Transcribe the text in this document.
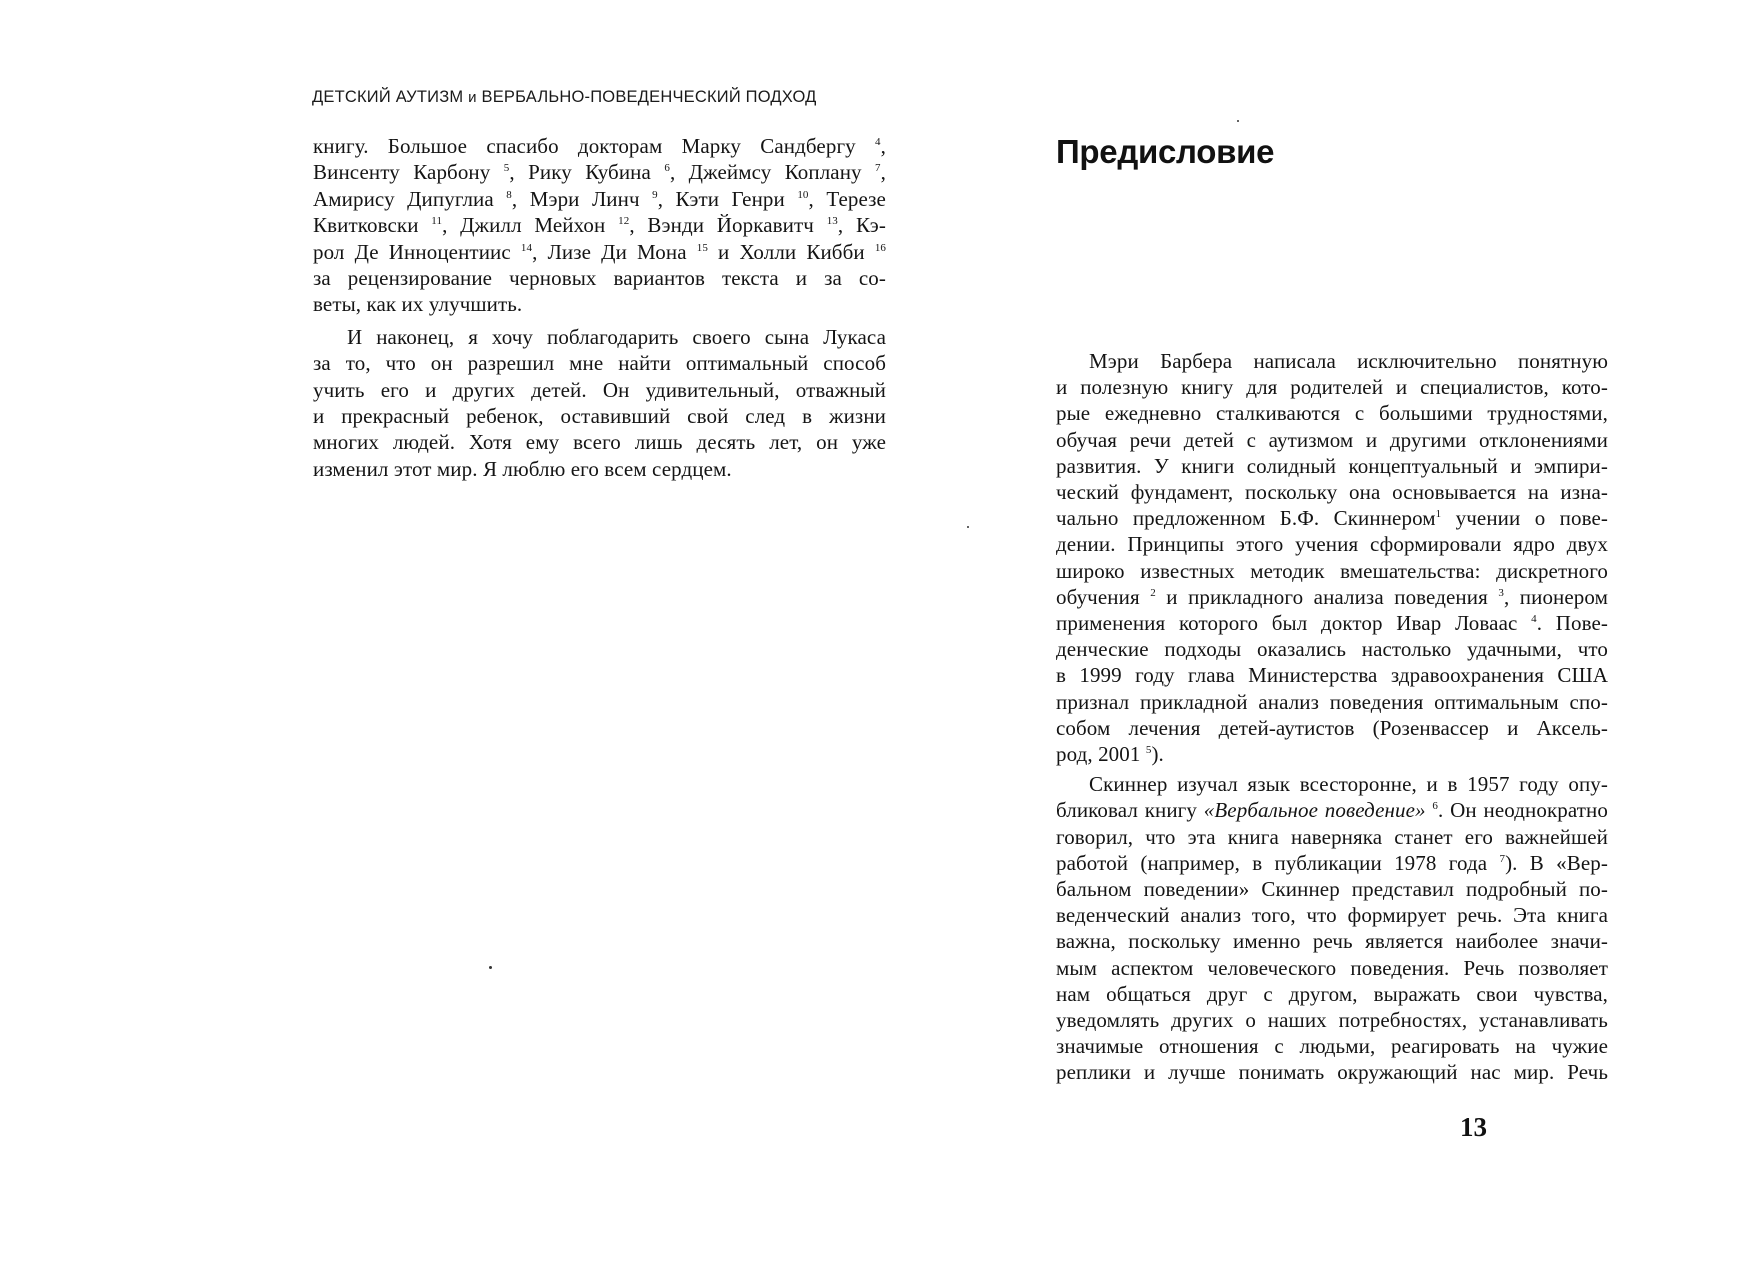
ДЕТСКИЙ АУТИЗМ и ВЕРБАЛЬНО-ПОВЕДЕНЧЕСКИЙ ПОДХОД
книгу. Большое спасибо докторам Марку Сандбергу $^4$,
Винсенту Карбону $^5$, Рику Кубина $^6$, Джеймсу Коплану $^7$,
Амирису Дипуглиа $^8$, Мэри Линч $^9$, Кэти Генри $^{10}$, Терезе
Квитковски $^{11}$, Джилл Мейхон $^{12}$, Вэнди Йоркавитч $^{13}$, Кэ-
рол Де Инноцентиис $^{14}$, Лизе Ди Мона $^{15}$ и Холли Кибби $^{16}$
за рецензирование черновых вариантов текста и за со-
веты, как их улучшить.
И наконец, я хочу поблагодарить своего сына Лукаса
за то, что он разрешил мне найти оптимальный способ
учить его и других детей. Он удивительный, отважный
и прекрасный ребенок, оставивший свой след в жизни
многих людей. Хотя ему всего лишь десять лет, он уже
изменил этот мир. Я люблю его всем сердцем.
Предисловие
Мэри Барбера написала исключительно понятную
и полезную книгу для родителей и специалистов, кото-
рые ежедневно сталкиваются с большими трудностями,
обучая речи детей с аутизмом и другими отклонениями
развития. У книги солидный концептуальный и эмпири-
ческий фундамент, поскольку она основывается на изна-
чально предложенном Б.Ф. Скиннером$^1$ учении о пове-
дении. Принципы этого учения сформировали ядро двух
широко известных методик вмешательства: дискретного
обучения $^2$ и прикладного анализа поведения $^3$, пионером
применения которого был доктор Ивар Ловаас $^4$. Пове-
денческие подходы оказались настолько удачными, что
в 1999 году глава Министерства здравоохранения США
признал прикладной анализ поведения оптимальным спо-
собом лечения детей-аутистов (Розенвассер и Аксель-
род, 2001 $^5$).
Скиннер изучал язык всесторонне, и в 1957 году опу-
бликовал книгу «Вербальное поведение» $^6$. Он неоднократно
говорил, что эта книга наверняка станет его важнейшей
работой (например, в публикации 1978 года $^7$). В «Вер-
бальном поведении» Скиннер представил подробный по-
веденческий анализ того, что формирует речь. Эта книга
важна, поскольку именно речь является наиболее значи-
мым аспектом человеческого поведения. Речь позволяет
нам общаться друг с другом, выражать свои чувства,
уведомлять других о наших потребностях, устанавливать
значимые отношения с людьми, реагировать на чужие
реплики и лучше понимать окружающий нас мир. Речь
13
